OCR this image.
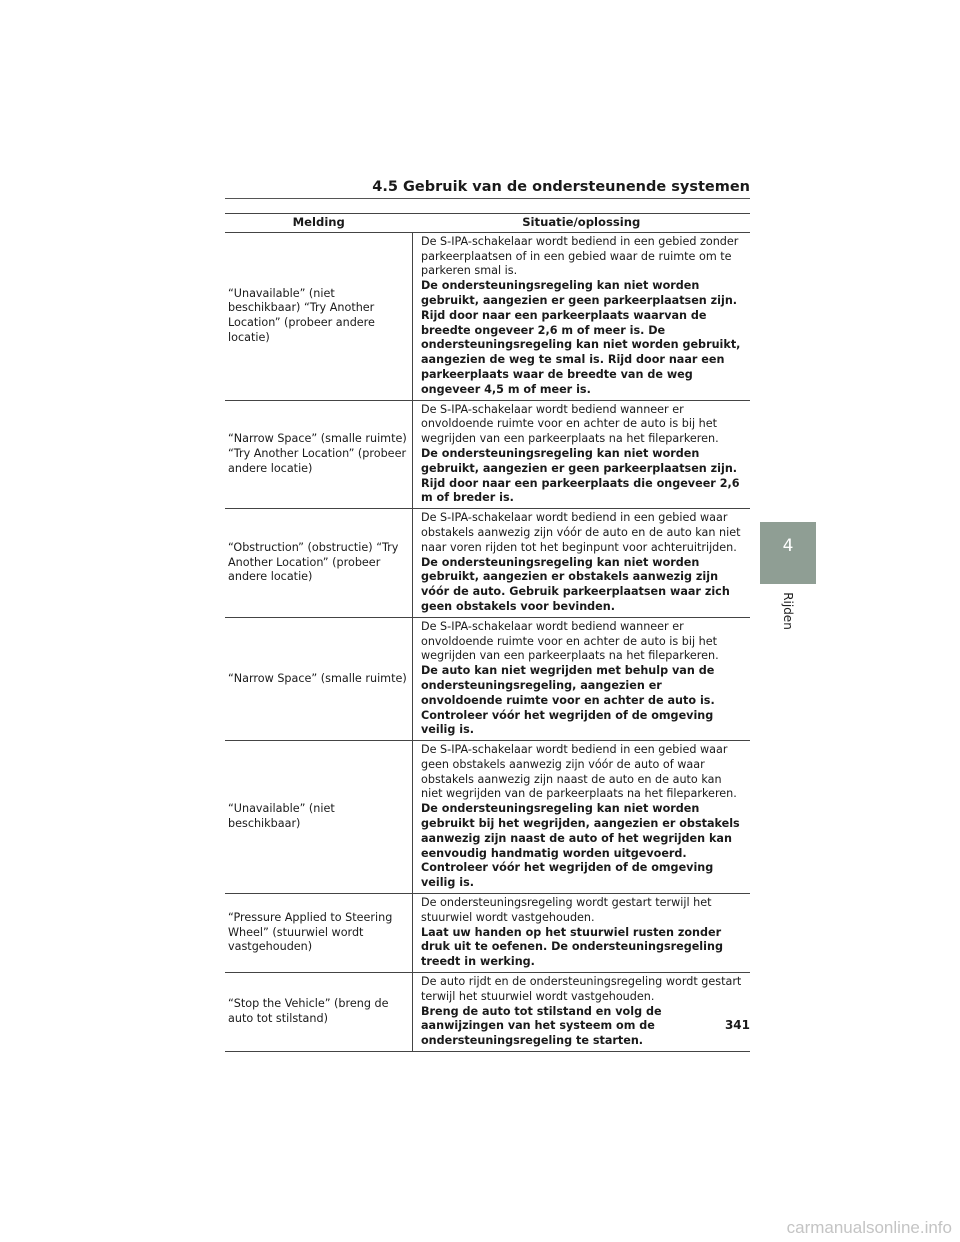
4.5 Gebruik van de ondersteunende systemen
Melding	Situatie/oplossing
“Unavailable” (niet beschikbaar) “Try Another Location” (probeer andere locatie)	De S-IPA-schakelaar wordt bediend in een gebied zonder parkeerplaatsen of in een gebied waar de ruimte om te parkeren smal is.
De ondersteuningsregeling kan niet worden gebruikt, aangezien er geen parkeerplaatsen zijn. Rijd door naar een parkeerplaats waarvan de breedte ongeveer 2,6 m of meer is. De ondersteuningsregeling kan niet worden gebruikt, aangezien de weg te smal is. Rijd door naar een parkeerplaats waar de breedte van de weg ongeveer 4,5 m of meer is.

“Narrow Space” (smalle ruimte) “Try Another Location” (probeer andere locatie)	De S-IPA-schakelaar wordt bediend wanneer er onvoldoende ruimte voor en achter de auto is bij het wegrijden van een parkeerplaats na het fileparkeren.
De ondersteuningsregeling kan niet worden gebruikt, aangezien er geen parkeerplaatsen zijn. Rijd door naar een parkeerplaats die ongeveer 2,6 m of breder is.

“Obstruction” (obstructie) “Try Another Location” (probeer andere locatie)	De S-IPA-schakelaar wordt bediend in een gebied waar obstakels aanwezig zijn vóór de auto en de auto kan niet naar voren rijden tot het beginpunt voor achteruitrijden.
De ondersteuningsregeling kan niet worden gebruikt, aangezien er obstakels aanwezig zijn vóór de auto. Gebruik parkeerplaatsen waar zich geen obstakels voor bevinden.

“Narrow Space” (smalle ruimte)	De S-IPA-schakelaar wordt bediend wanneer er onvoldoende ruimte voor en achter de auto is bij het wegrijden van een parkeerplaats na het fileparkeren.
De auto kan niet wegrijden met behulp van de ondersteuningsregeling, aangezien er onvoldoende ruimte voor en achter de auto is. Controleer vóór het wegrijden of de omgeving veilig is.

“Unavailable” (niet beschikbaar)	De S-IPA-schakelaar wordt bediend in een gebied waar geen obstakels aanwezig zijn vóór de auto of waar obstakels aanwezig zijn naast de auto en de auto kan niet wegrijden van de parkeerplaats na het fileparkeren.
De ondersteuningsregeling kan niet worden gebruikt bij het wegrijden, aangezien er obstakels aanwezig zijn naast de auto of het wegrijden kan eenvoudig handmatig worden uitgevoerd. Controleer vóór het wegrijden of de omgeving veilig is.

“Pressure Applied to Steering Wheel” (stuurwiel wordt vastgehouden)	De ondersteuningsregeling wordt gestart terwijl het stuurwiel wordt vastgehouden.
Laat uw handen op het stuurwiel rusten zonder druk uit te oefenen. De ondersteuningsregeling treedt in werking.

“Stop the Vehicle” (breng de auto tot stilstand)	De auto rijdt en de ondersteuningsregeling wordt gestart terwijl het stuurwiel wordt vastgehouden.
Breng de auto tot stilstand en volg de aanwijzingen van het systeem om de ondersteuningsregeling te starten.
4
Rijden
341
carmanualsonline.info
